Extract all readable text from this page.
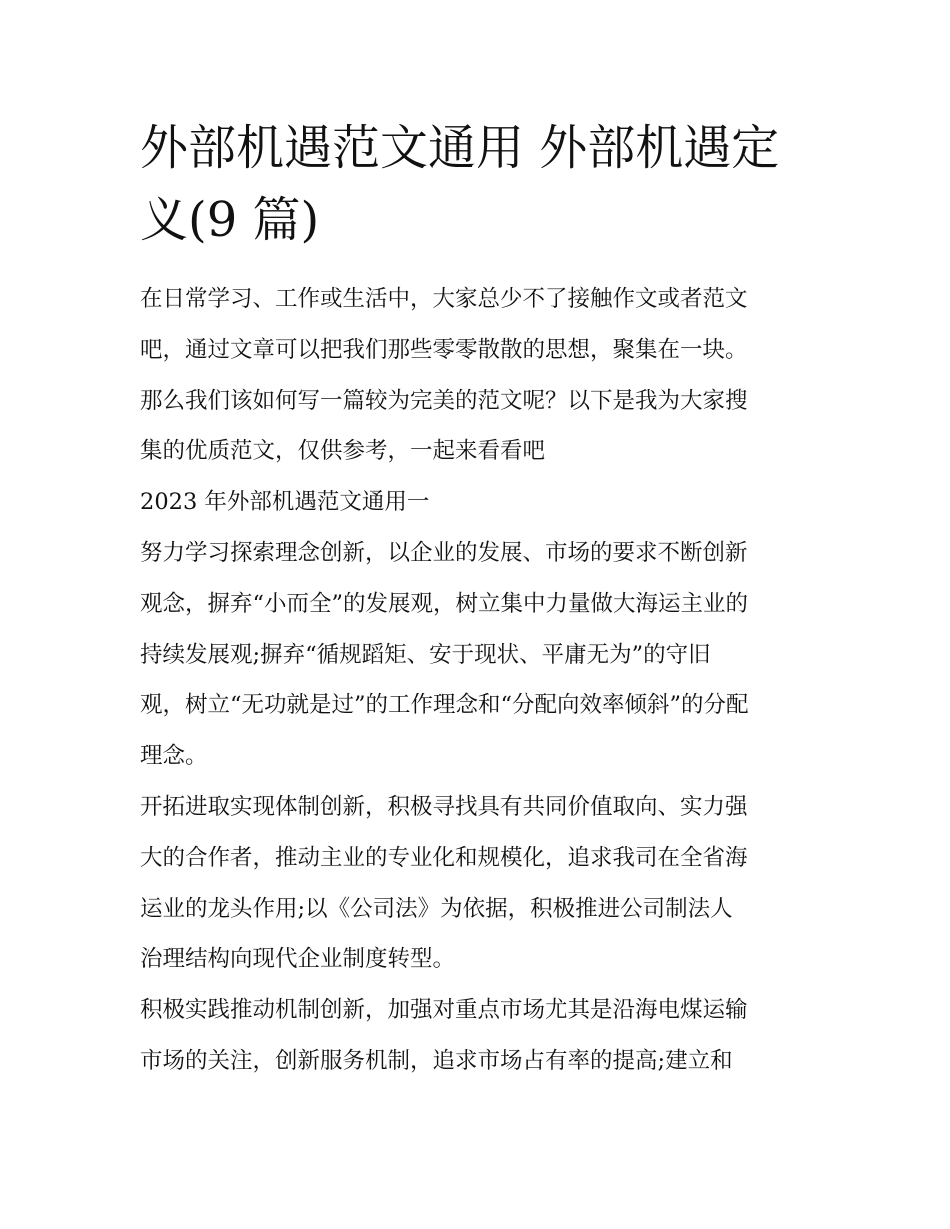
外部机遇范文通用 外部机遇定
义(9 篇)
在日常学习、工作或生活中，大家总少不了接触作文或者范文
吧，通过文章可以把我们那些零零散散的思想，聚集在一块。
那么我们该如何写一篇较为完美的范文呢？以下是我为大家搜
集的优质范文，仅供参考，一起来看看吧
2023 年外部机遇范文通用一
努力学习探索理念创新，以企业的发展、市场的要求不断创新
观念，摒弃“小而全”的发展观，树立集中力量做大海运主业的
持续发展观;摒弃“循规蹈矩、安于现状、平庸无为”的守旧
观，树立“无功就是过”的工作理念和“分配向效率倾斜”的分配
理念。
开拓进取实现体制创新，积极寻找具有共同价值取向、实力强
大的合作者，推动主业的专业化和规模化，追求我司在全省海
运业的龙头作用;以《公司法》为依据，积极推进公司制法人
治理结构向现代企业制度转型。
积极实践推动机制创新，加强对重点市场尤其是沿海电煤运输
市场的关注，创新服务机制，追求市场占有率的提高;建立和
